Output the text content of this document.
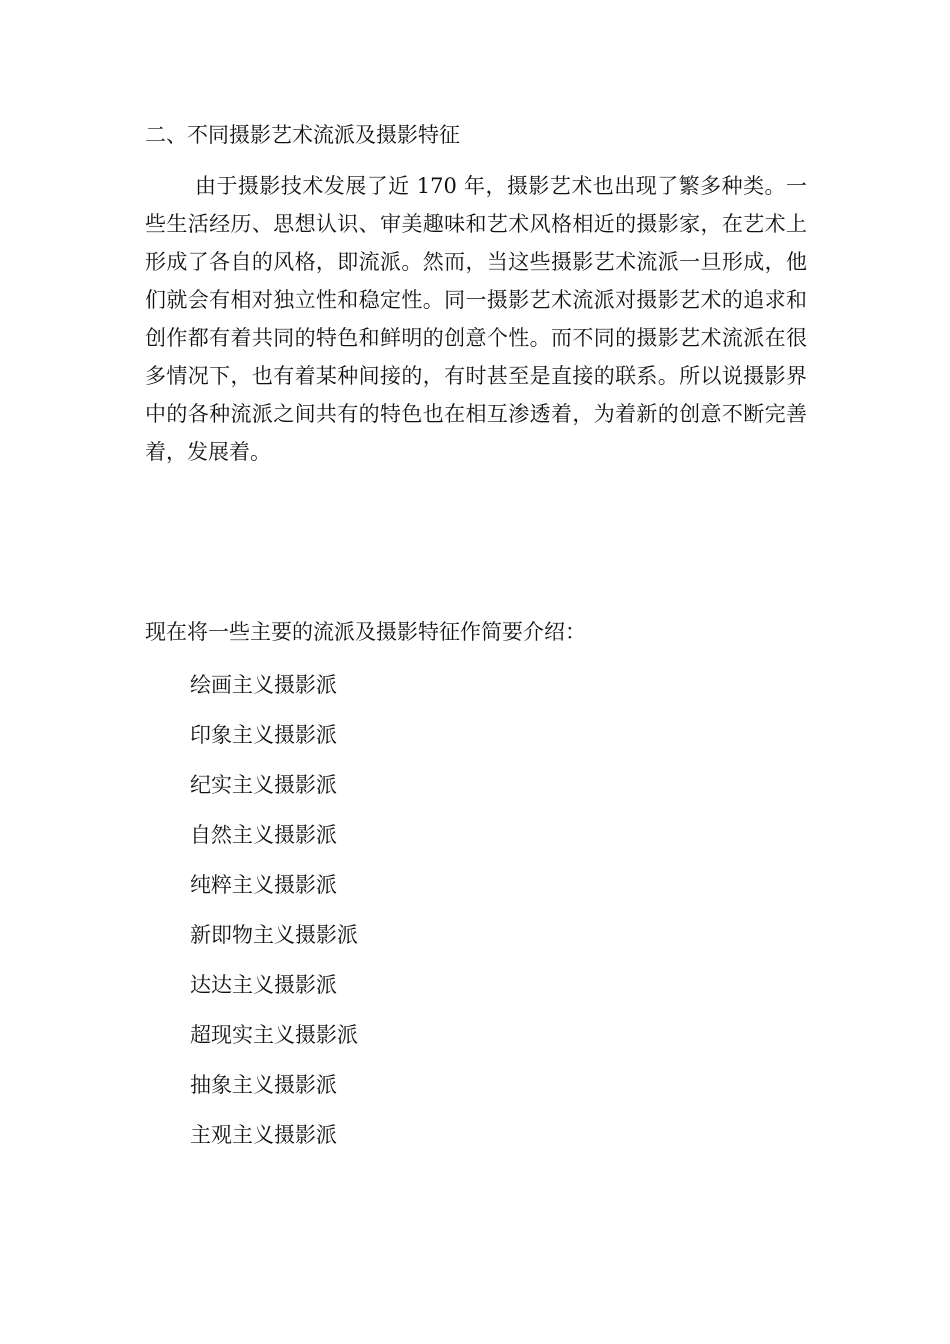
二、不同摄影艺术流派及摄影特征

由于摄影技术发展了近 170 年，摄影艺术也出现了繁多种类。一些生活经历、思想认识、审美趣味和艺术风格相近的摄影家，在艺术上形成了各自的风格，即流派。然而，当这些摄影艺术流派一旦形成，他们就会有相对独立性和稳定性。同一摄影艺术流派对摄影艺术的追求和创作都有着共同的特色和鲜明的创意个性。而不同的摄影艺术流派在很多情况下，也有着某种间接的，有时甚至是直接的联系。所以说摄影界中的各种流派之间共有的特色也在相互渗透着，为着新的创意不断完善着，发展着。

现在将一些主要的流派及摄影特征作简要介绍：
绘画主义摄影派
印象主义摄影派
纪实主义摄影派
自然主义摄影派
纯粹主义摄影派
新即物主义摄影派
达达主义摄影派
超现实主义摄影派
抽象主义摄影派
主观主义摄影派
